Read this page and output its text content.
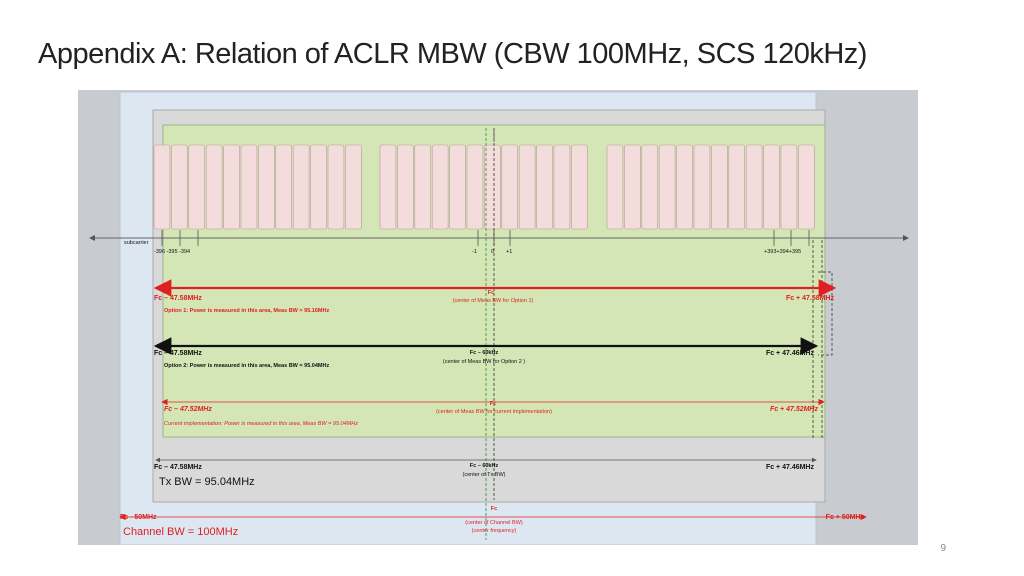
Appendix A: Relation of ACLR MBW (CBW 100MHz, SCS 120kHz)
subcarrier
-396 -395 -394	-1	0 +1	+393+394+395
Fc – 47.58MHz
Fc
(center of Meas BW for Option 1)	Fc + 47.58MHz
Option 1: Power is measured in this area, Meas BW = 95.16MHz
Fc – 47.58MHz	Fc – 60kHz
(center of Meas BW for Option 2 )
Fc + 47.46MHz
Option 2: Power is measured in this area, Meas BW = 95.04MHz
Fc – 47.52MHz
Fc
(center of Meas BW for current implementation)	Fc + 47.52MHz
Current implementation: Power is measured in this area, Meas BW = 95.04MHz
Fc – 47.58MHz	Fc – 60kHz
(center of Tx BW)
Fc + 47.46MHz
Tx BW = 95.04MHz
Fc - 50MHz
Fc
(center of Channel BW)
(center frequency)
Fc + 50MHz
Channel BW = 100MHz
9
